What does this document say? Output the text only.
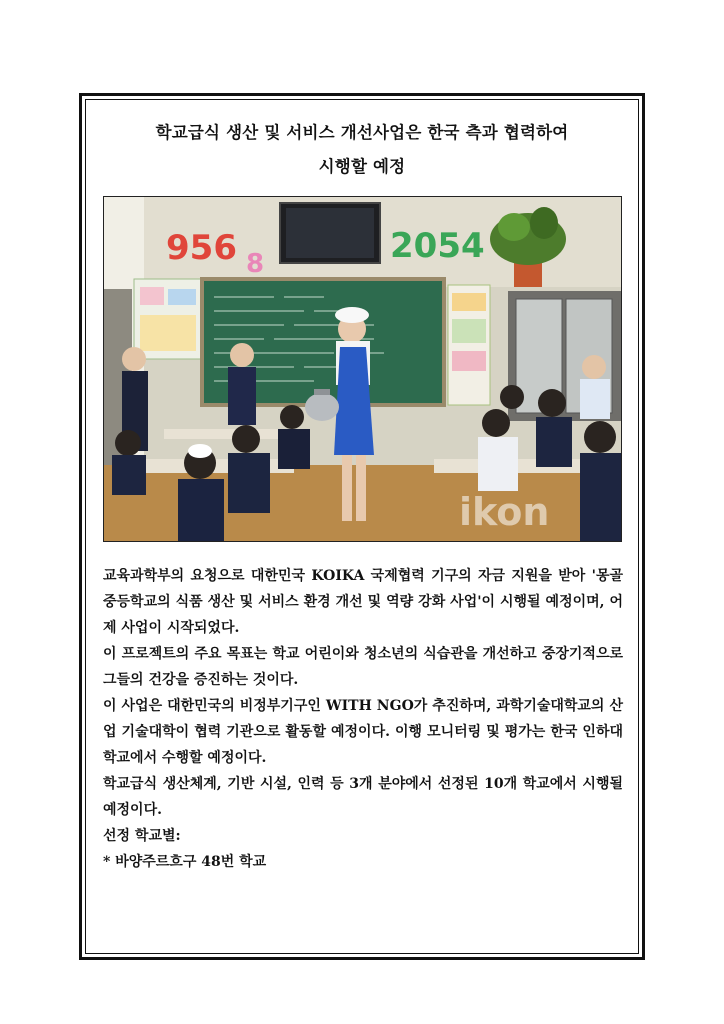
학교급식 생산 및 서비스 개선사업은 한국 측과 협력하여
시행할 예정
956 8	2054
ikon

교육과학부의 요청으로 대한민국 KOIKA 국제협력 기구의 자금 지원을 받아 '몽골 중등학교의 식품 생산 및 서비스 환경 개선 및 역량 강화 사업'이 시행될 예정이며, 어제 사업이 시작되었다.

이 프로젝트의 주요 목표는 학교 어린이와 청소년의 식습관을 개선하고 중장기적으로 그들의 건강을 증진하는 것이다.

이 사업은 대한민국의 비정부기구인 WITH NGO가 추진하며, 과학기술대학교의 산업 기술대학이 협력 기관으로 활동할 예정이다. 이행 모니터링 및 평가는 한국 인하대학교에서 수행할 예정이다.

학교급식 생산체계, 기반 시설, 인력 등 3개 분야에서 선정된 10개 학교에서 시행될 예정이다.

선정 학교별:

* 바양주르흐구 48번 학교
